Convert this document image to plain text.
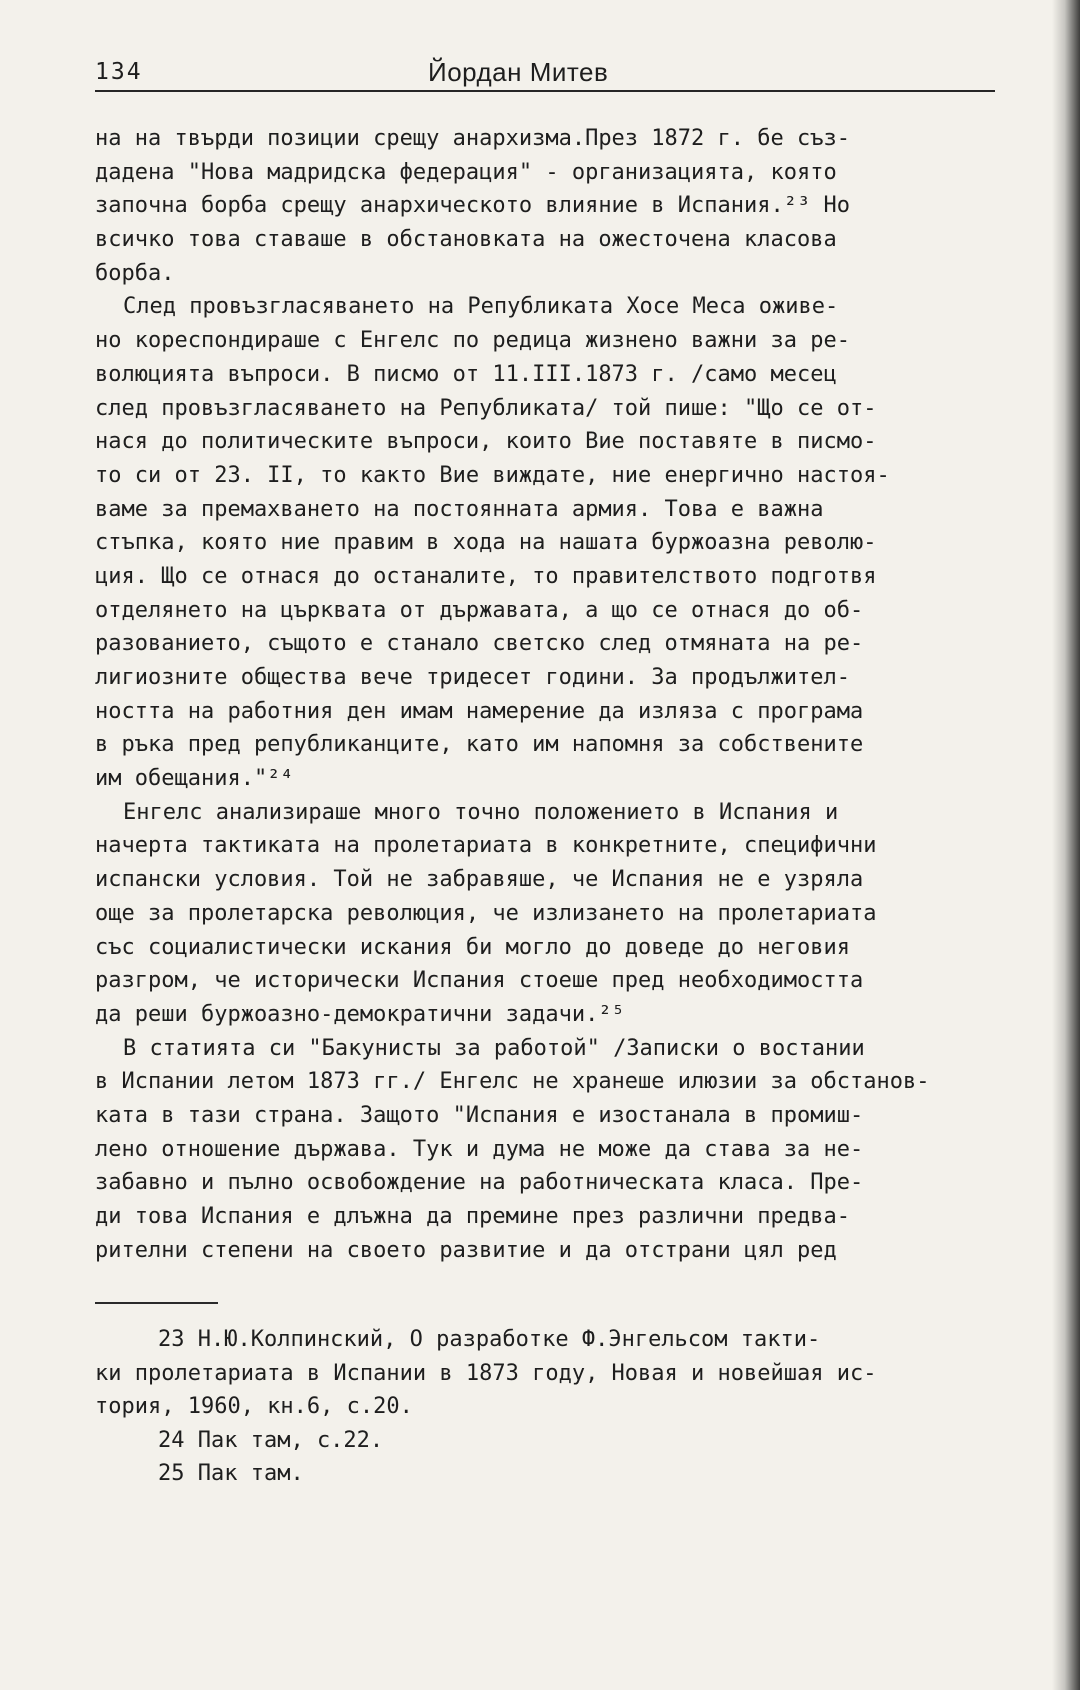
134	Йордан Митев
на на твърди позиции срещу анархизма.През 1872 г. бе съз-
дадена "Нова мадридска федерация" - организацията, която
започна борба срещу анархическото влияние в Испания.²³ Но
всичко това ставаше в обстановката на ожесточена класова
борба.
След провъзгласяването на Републиката Хосе Меса оживе-
но кореспондираше с Енгелс по редица жизнено важни за ре-
волюцията въпроси. В писмо от 11.III.1873 г. /само месец
след провъзгласяването на Републиката/ той пише: "Що се от-
нася до политическите въпроси, които Вие поставяте в писмо-
то си от 23. II, то както Вие виждате, ние енергично настоя-
ваме за премахването на постоянната армия. Това е важна
стъпка, която ние правим в хода на нашата буржоазна револю-
ция. Що се отнася до останалите, то правителството подготвя
отделянето на църквата от държавата, а що се отнася до об-
разованието, същото е станало светско след отмяната на ре-
лигиозните общества вече тридесет години. За продължител-
ността на работния ден имам намерение да изляза с програма
в ръка пред републиканците, като им напомня за собствените
им обещания."²⁴
Енгелс анализираше много точно положението в Испания и
начерта тактиката на пролетариата в конкретните, специфични
испански условия. Той не забравяше, че Испания не е узряла
още за пролетарска революция, че излизането на пролетариата
със социалистически искания би могло до доведе до неговия
разгром, че исторически Испания стоеше пред необходимостта
да реши буржоазно-демократични задачи.²⁵
В статията си "Бакунисты за работой" /Записки о востании
в Испании летом 1873 гг./ Енгелс не хранеше илюзии за обстанов-
ката в тази страна. Защото "Испания е изостанала в промиш-
лено отношение държава. Тук и дума не може да става за не-
забавно и пълно освобождение на работническата класа. Пре-
ди това Испания е длъжна да премине през различни предва-
рителни степени на своето развитие и да отстрани цял ред
23 Н.Ю.Колпинский, О разработке Ф.Энгельсом такти-
ки пролетариата в Испании в 1873 году, Новая и новейшая ис-
тория, 1960, кн.6, с.20.
24 Пак там, с.22.
25 Пак там.
